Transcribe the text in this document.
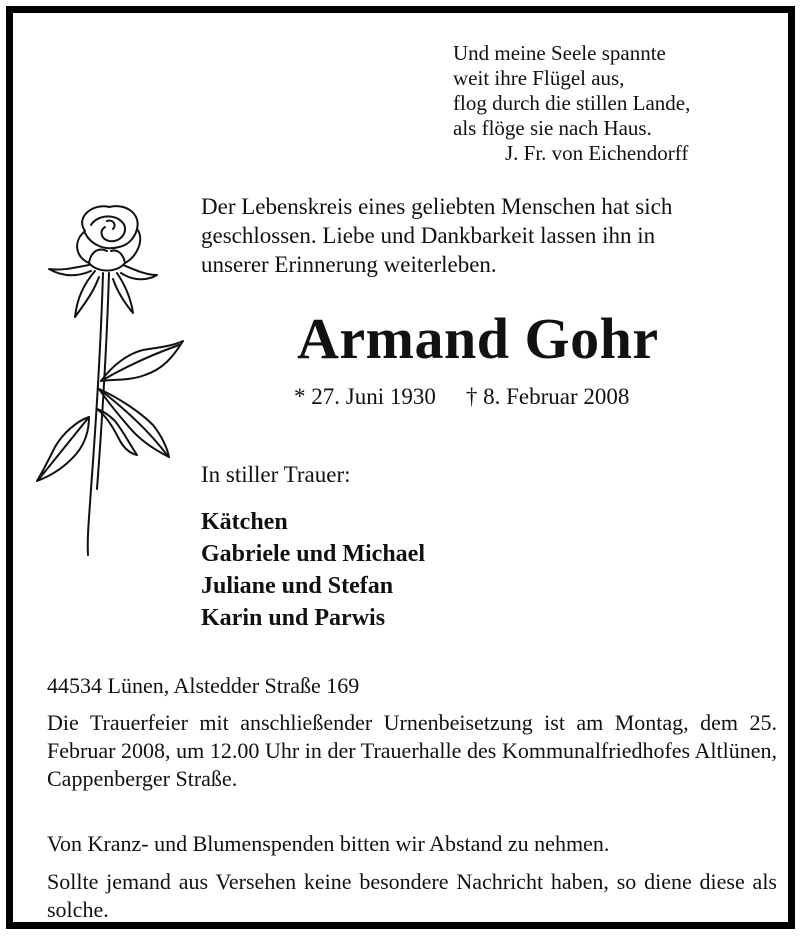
Und meine Seele spannte
weit ihre Flügel aus,
flog durch die stillen Lande,
als flöge sie nach Haus.
J. Fr. von Eichendorff
Der Lebenskreis eines geliebten Menschen hat sich
geschlossen. Liebe und Dankbarkeit lassen ihn in
unserer Erinnerung weiterleben.
Armand Gohr
* 27. Juni 1930 † 8. Februar 2008
In stiller Trauer:
Kätchen
Gabriele und Michael
Juliane und Stefan
Karin und Parwis
44534 Lünen, Alstedder Straße 169
Die Trauerfeier mit anschließender Urnenbeisetzung ist am Montag, dem 25. Februar 2008, um 12.00 Uhr in der Trauerhalle des Kommunalfriedhofes Altlünen, Cappenberger Straße.
Von Kranz- und Blumenspenden bitten wir Abstand zu nehmen.
Sollte jemand aus Versehen keine besondere Nachricht haben, so diene diese als solche.
